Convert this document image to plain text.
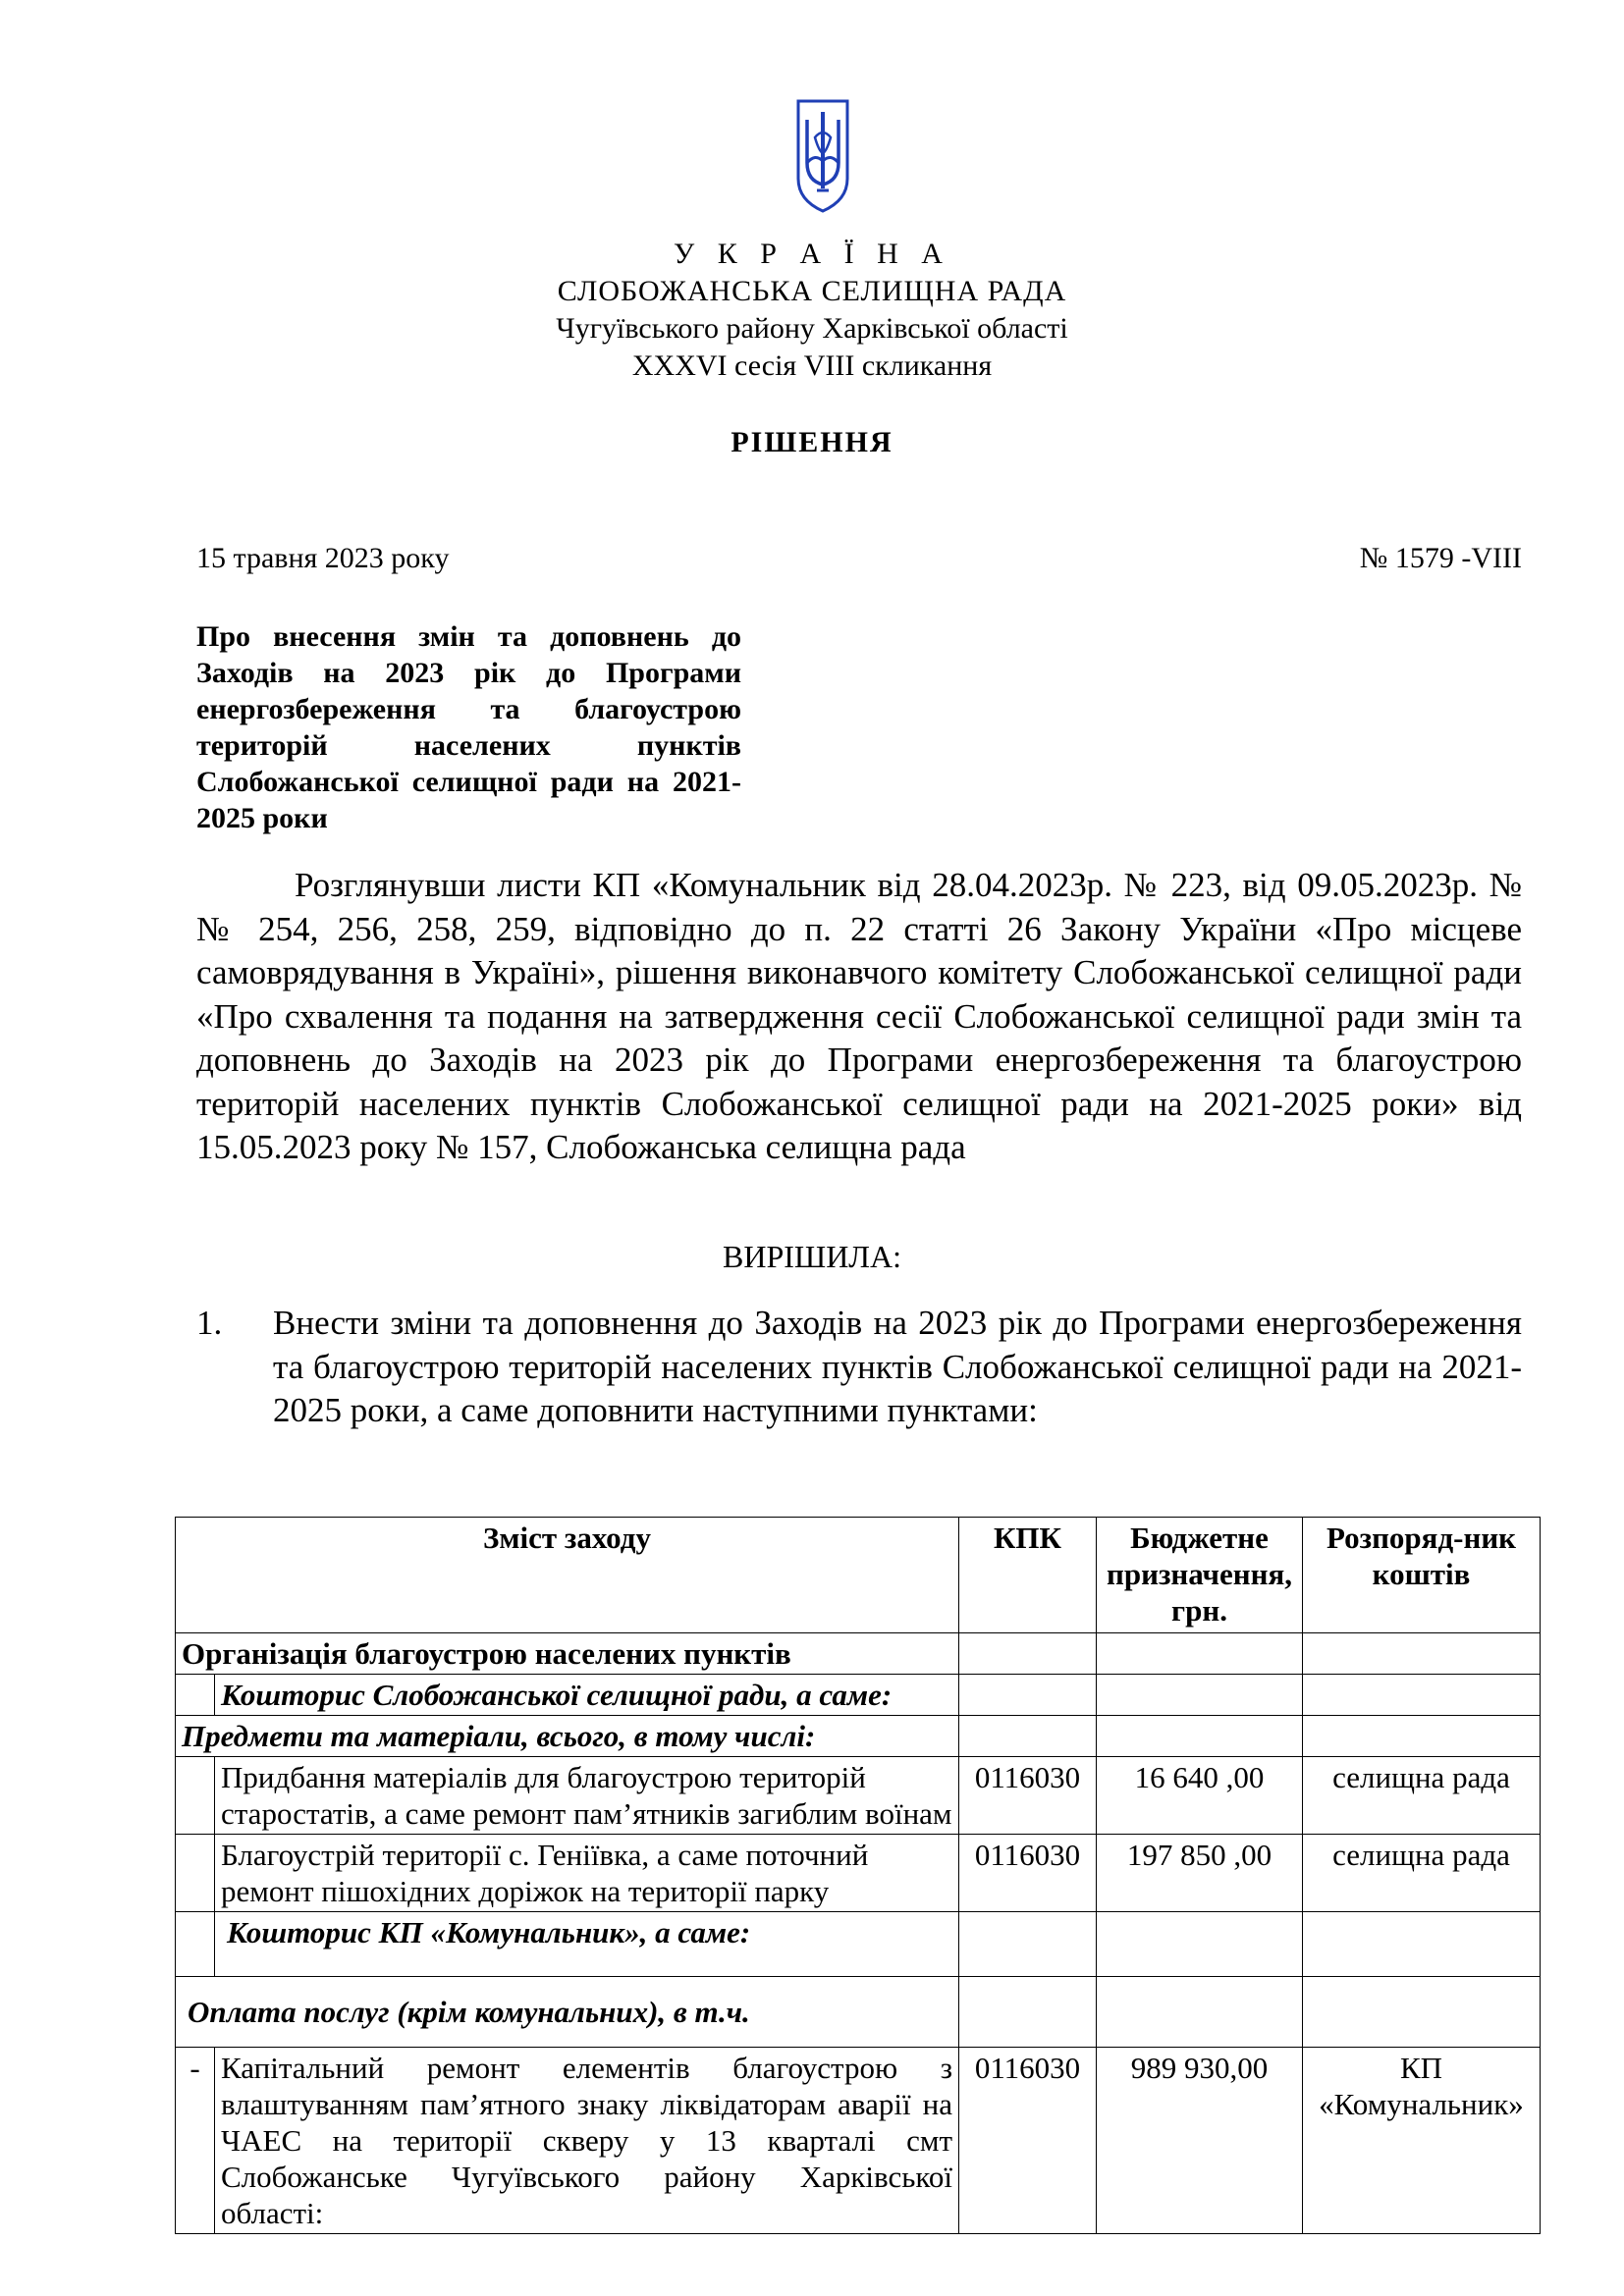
У К Р А Ї Н А
СЛОБОЖАНСЬКА СЕЛИЩНА РАДА
Чугуївського району Харківської області
XXXVI сесія VIII скликання
РІШЕННЯ
15 травня 2023 року	№ 1579 -VIII
Про внесення змін та доповнень до Заходів на 2023 рік до Програми енергозбереження та благоустрою територій населених пунктів Слобожанської селищної ради на 2021-2025 роки
Розглянувши листи КП «Комунальник від 28.04.2023р. № 223, від 09.05.2023р. №№ 254, 256, 258, 259, відповідно до п. 22 статті 26 Закону України «Про місцеве самоврядування в Україні», рішення виконавчого комітету Слобожанської селищної ради «Про схвалення та подання на затвердження сесії Слобожанської селищної ради змін та доповнень до Заходів на 2023 рік до Програми енергозбереження та благоустрою територій населених пунктів Слобожанської селищної ради на 2021-2025 роки» від 15.05.2023 року № 157, Слобожанська селищна рада
ВИРІШИЛА:
1. Внести зміни та доповнення до Заходів на 2023 рік до Програми енергозбереження та благоустрою територій населених пунктів Слобожанської селищної ради на 2021-2025 роки, а саме доповнити наступними пунктами:
Зміст заходу		КПК	Бюджетне призначення, грн.	Розпоряд-ник коштів
Організація благоустрою населених пунктів				
	Кошторис Слобожанської селищної ради, а саме:			
Предмети та матеріали, всього, в тому числі:				
	Придбання матеріалів для благоустрою територій старостатів, а саме ремонт пам’ятників загиблим воїнам	0116030	16 640 ,00	селищна рада
	Благоустрій території с. Геніївка, а саме поточний ремонт пішохідних доріжок на території парку	0116030	197 850 ,00	селищна рада
	Кошторис КП «Комунальник», а саме:			
Оплата послуг (крім комунальних), в т.ч.				
-	Капітальний ремонт елементів благоустрою з влаштуванням пам’ятного знаку ліквідаторам аварії на ЧАЕС на території скверу у 13 кварталі смт Слобожанське Чугуївського району Харківської області:	0116030	989 930,00	КП «Комунальник»
